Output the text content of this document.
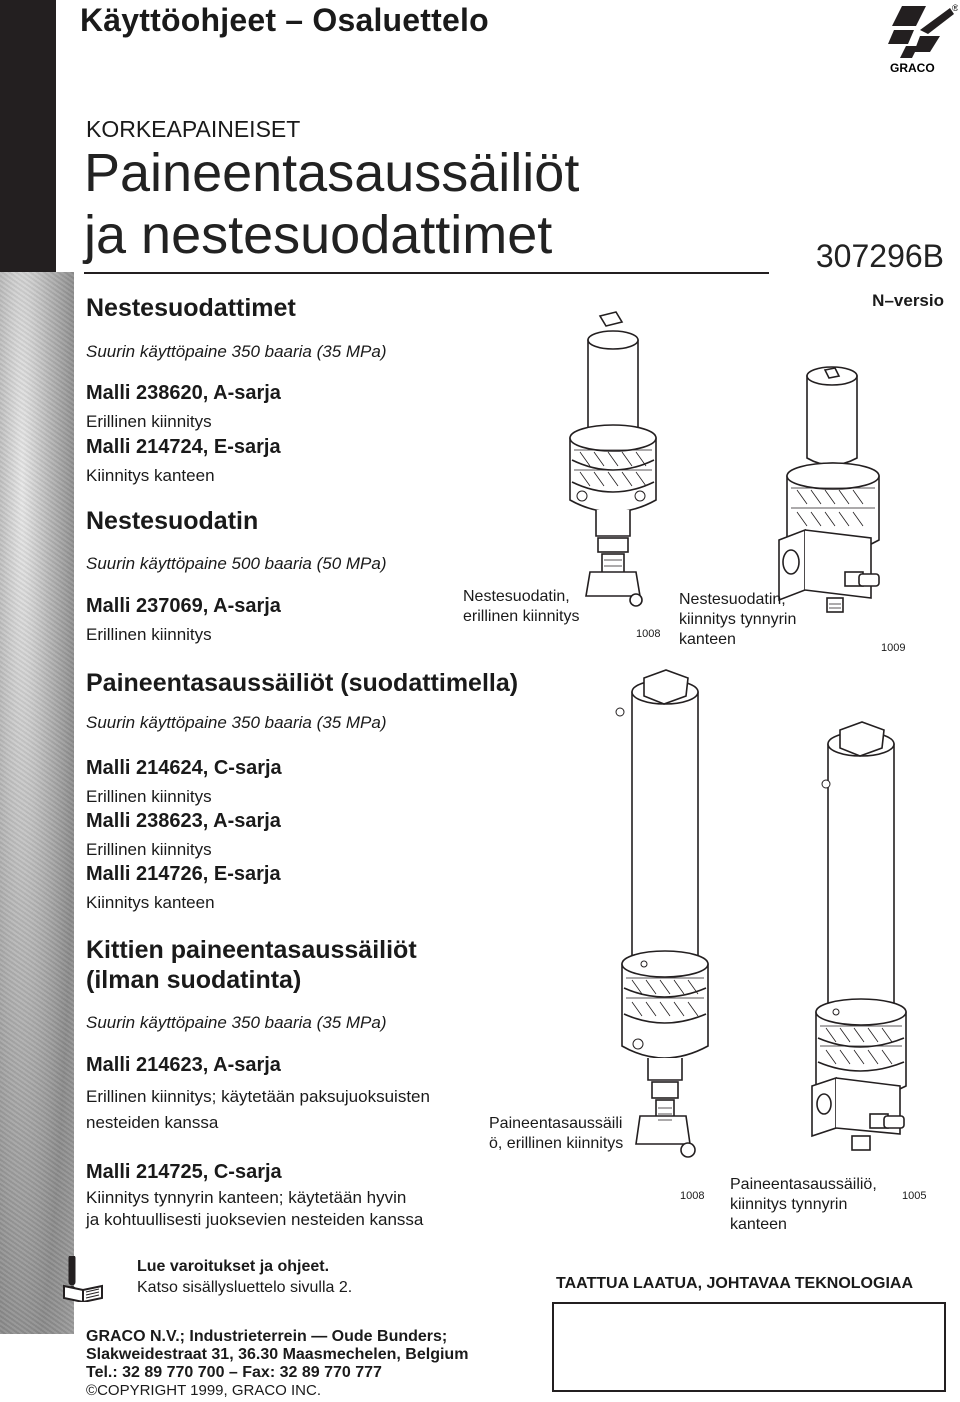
Käyttöohjeet – Osaluettelo	®
GRACO
KORKEAPAINEISET
Paineentasaussäiliöt
ja nestesuodattimet	307296B
N–versio
Nestesuodattimet
Suurin käyttöpaine 350 baaria (35 MPa)
Malli 238620, A-sarja
Erillinen kiinnitys
Malli 214724, E-sarja
Kiinnitys kanteen
Nestesuodatin
Suurin käyttöpaine 500 baaria (50 MPa)
Malli 237069, A-sarja
Erillinen kiinnitys
Paineentasaussäiliöt (suodattimella)
Suurin käyttöpaine 350 baaria (35 MPa)
Malli 214624, C-sarja
Erillinen kiinnitys
Malli 238623, A-sarja
Erillinen kiinnitys
Malli 214726, E-sarja
Kiinnitys kanteen
Kittien paineentasaussäiliöt
(ilman suodatinta)
Suurin käyttöpaine 350 baaria (35 MPa)
Malli 214623, A-sarja
Erillinen kiinnitys; käytetään paksujuoksuisten
nesteiden kanssa
Malli 214725, C-sarja
Kiinnitys tynnyrin kanteen; käytetään hyvin
ja kohtuullisesti juoksevien nesteiden kanssa
Nestesuodatin,
erillinen kiinnitys
1008
Nestesuodatin,
kiinnitys tynnyrin
kanteen	1009
Paineentasaussäili
ö, erillinen kiinnitys
1008
Paineentasaussäiliö,
kiinnitys tynnyrin
kanteen
1005
Lue varoitukset ja ohjeet.
Katso sisällysluettelo sivulla 2.	TAATTUA LAATUA, JOHTAVAA TEKNOLOGIAA
GRACO N.V.; Industrieterrein — Oude Bunders;
Slakweidestraat 31, 36.30 Maasmechelen, Belgium
Tel.: 32 89 770 700 – Fax: 32 89 770 777
©COPYRIGHT 1999, GRACO INC.
